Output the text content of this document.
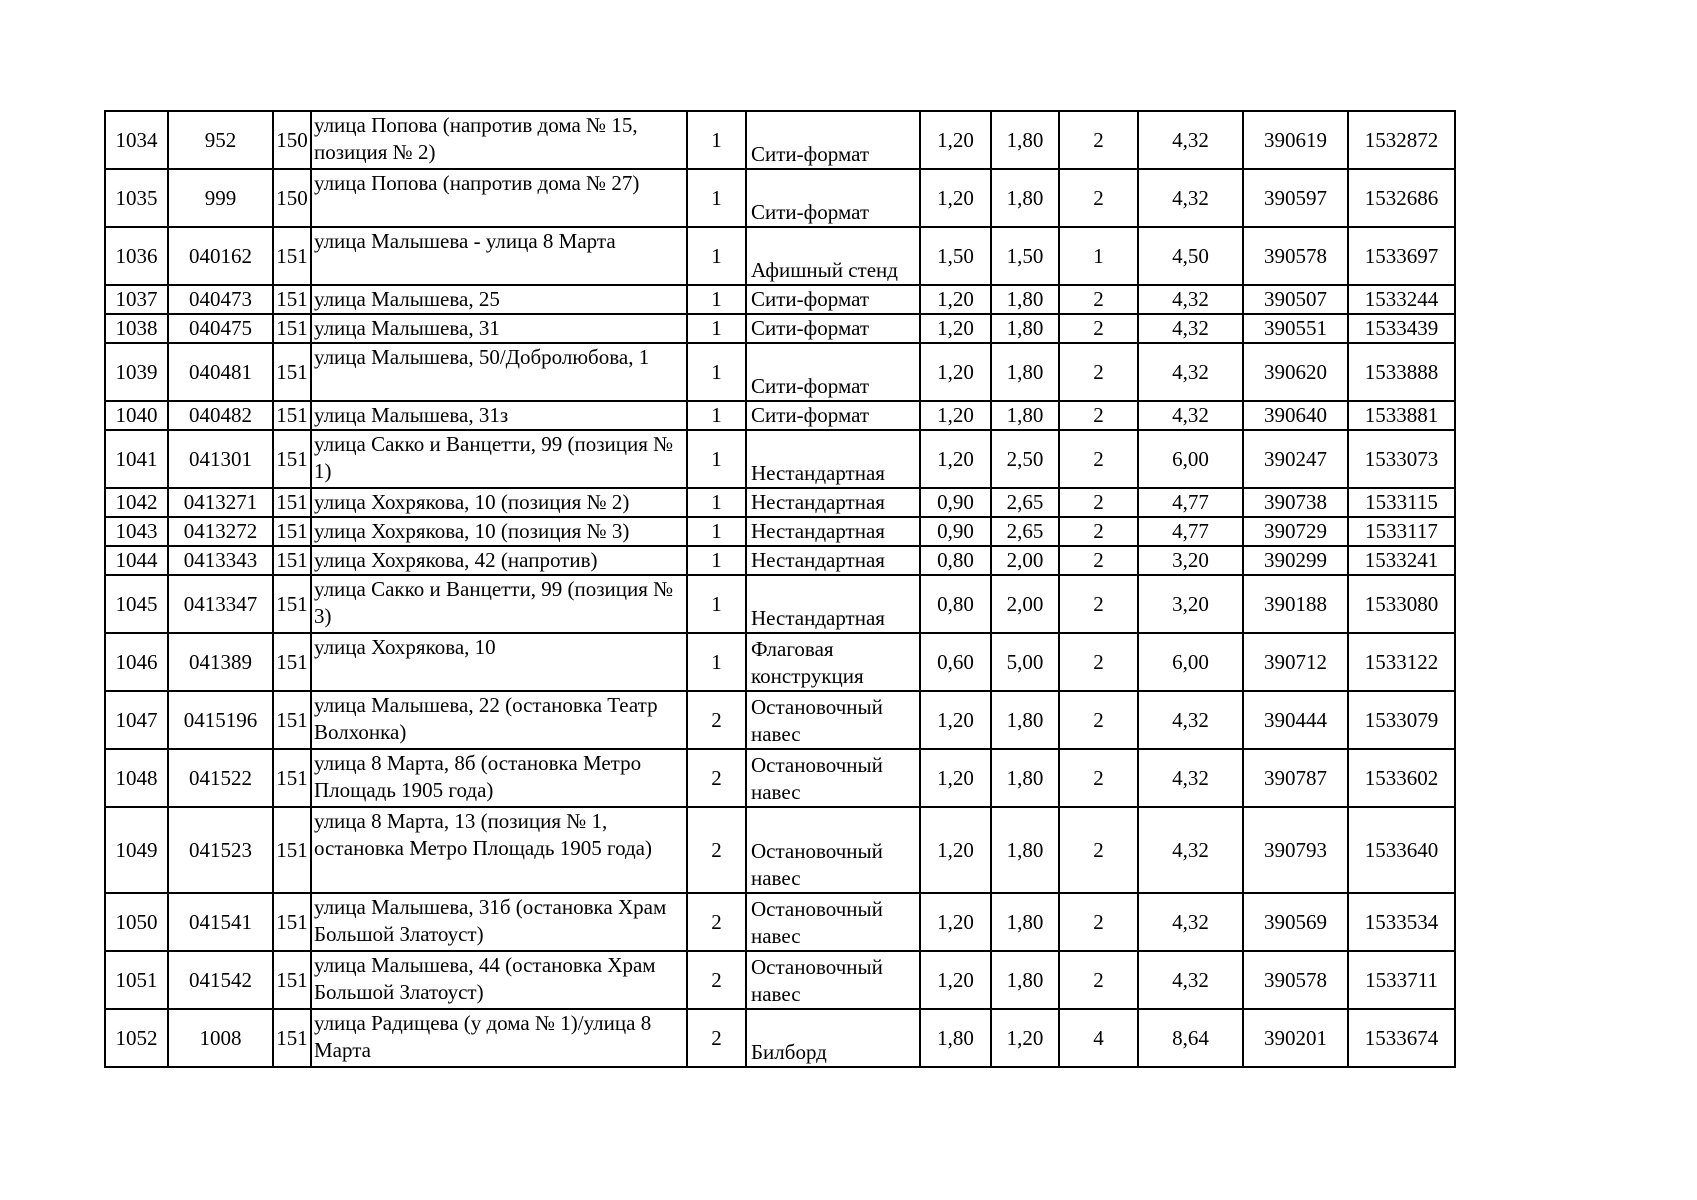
1034	952	150	улица Попова (напротив дома № 15, позиция № 2)	1	Сити-формат	1,20	1,80	2	4,32	390619	1532872
1035	999	150	улица Попова (напротив дома № 27)	1	Сити-формат	1,20	1,80	2	4,32	390597	1532686
1036	040162	151	улица Малышева - улица 8 Марта	1	Афишный стенд	1,50	1,50	1	4,50	390578	1533697
1037	040473	151	улица Малышева, 25	1	Сити-формат	1,20	1,80	2	4,32	390507	1533244
1038	040475	151	улица Малышева, 31	1	Сити-формат	1,20	1,80	2	4,32	390551	1533439
1039	040481	151	улица Малышева, 50/Добролюбова, 1	1	Сити-формат	1,20	1,80	2	4,32	390620	1533888
1040	040482	151	улица Малышева, 31з	1	Сити-формат	1,20	1,80	2	4,32	390640	1533881
1041	041301	151	улица Сакко и Ванцетти, 99 (позиция № 1)	1	Нестандартная	1,20	2,50	2	6,00	390247	1533073
1042	0413271	151	улица Хохрякова, 10 (позиция № 2)	1	Нестандартная	0,90	2,65	2	4,77	390738	1533115
1043	0413272	151	улица Хохрякова, 10 (позиция № 3)	1	Нестандартная	0,90	2,65	2	4,77	390729	1533117
1044	0413343	151	улица Хохрякова, 42 (напротив)	1	Нестандартная	0,80	2,00	2	3,20	390299	1533241
1045	0413347	151	улица Сакко и Ванцетти, 99 (позиция № 3)	1	Нестандартная	0,80	2,00	2	3,20	390188	1533080
1046	041389	151	улица Хохрякова, 10	1	Флаговая конструкция	0,60	5,00	2	6,00	390712	1533122
1047	0415196	151	улица Малышева, 22 (остановка Театр Волхонка)	2	Остановочный навес	1,20	1,80	2	4,32	390444	1533079
1048	041522	151	улица 8 Марта, 8б (остановка Метро Площадь 1905 года)	2	Остановочный навес	1,20	1,80	2	4,32	390787	1533602
1049	041523	151	улица 8 Марта, 13 (позиция № 1, остановка Метро Площадь 1905 года)	2	Остановочный навес	1,20	1,80	2	4,32	390793	1533640
1050	041541	151	улица Малышева, 31б (остановка Храм Большой Златоуст)	2	Остановочный навес	1,20	1,80	2	4,32	390569	1533534
1051	041542	151	улица Малышева, 44 (остановка Храм Большой Златоуст)	2	Остановочный навес	1,20	1,80	2	4,32	390578	1533711
1052	1008	151	улица Радищева (у дома № 1)/улица 8 Марта	2	Билборд	1,80	1,20	4	8,64	390201	1533674
